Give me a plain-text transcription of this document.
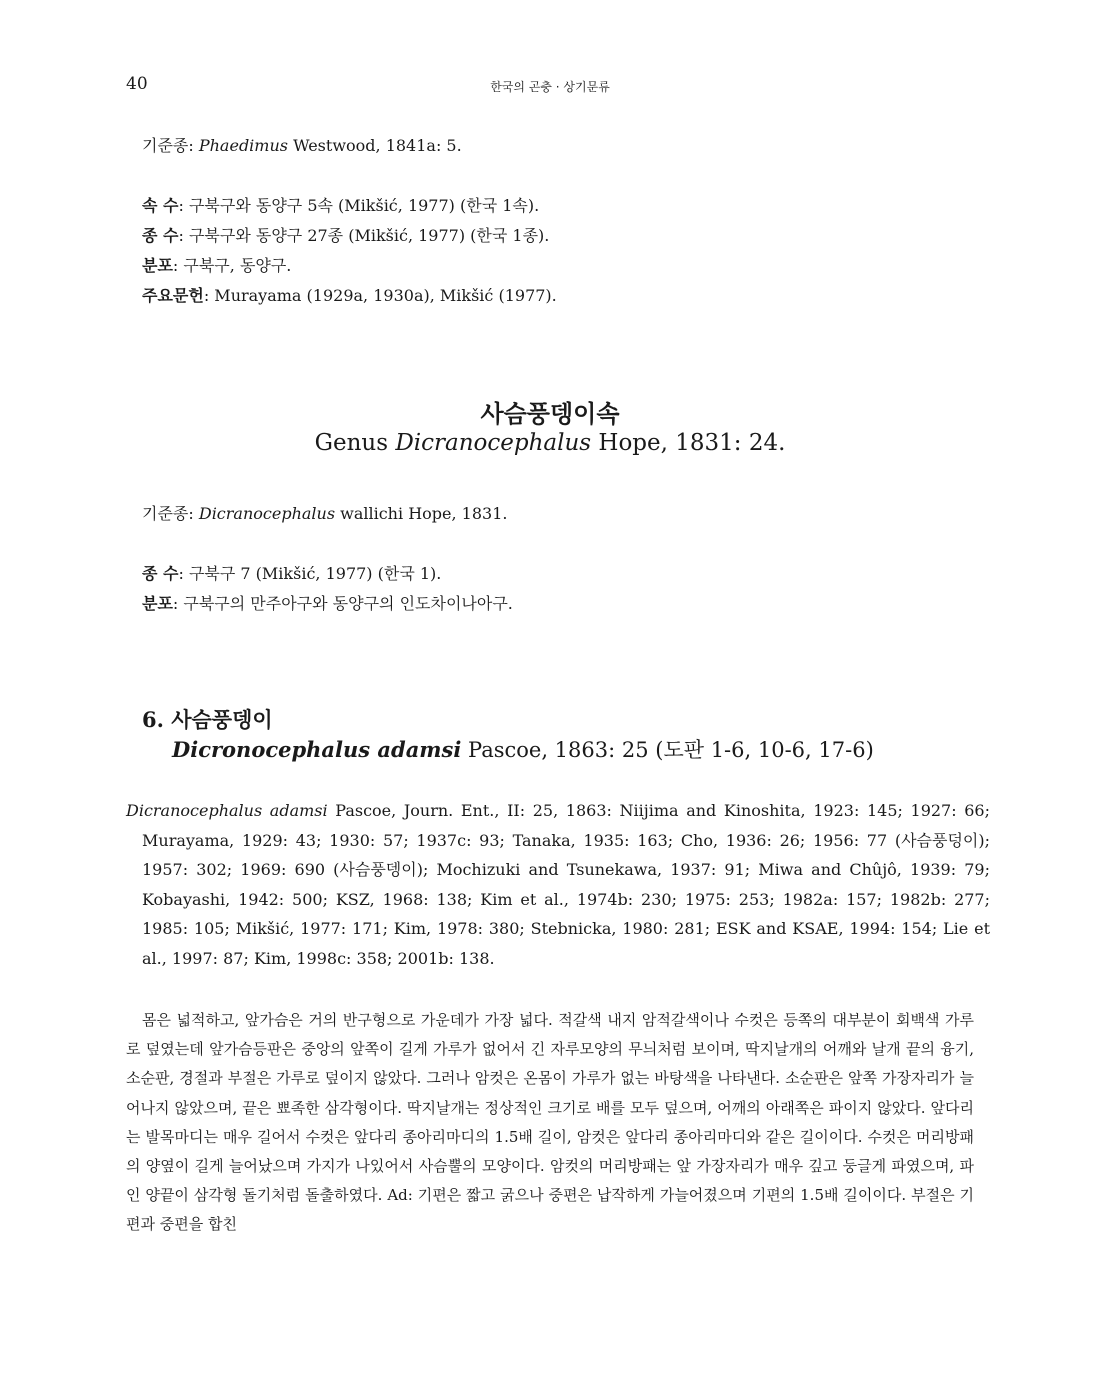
40	한국의 곤충 · 상기문류
기준종: Phaedimus Westwood, 1841a: 5.
속 수: 구북구와 동양구 5속 (Mikšić, 1977) (한국 1속).
종 수: 구북구와 동양구 27종 (Mikšić, 1977) (한국 1종).
분포: 구북구, 동양구.
주요문헌: Murayama (1929a, 1930a), Mikšić (1977).
사슴풍뎅이속
Genus Dicranocephalus Hope, 1831: 24.
기준종: Dicranocephalus wallichi Hope, 1831.
종 수: 구북구 7 (Mikšić, 1977) (한국 1).
분포: 구북구의 만주아구와 동양구의 인도차이나아구.
6. 사슴풍뎅이
Dicronocephalus adamsi Pascoe, 1863: 25 (도판 1-6, 10-6, 17-6)
Dicranocephalus adamsi Pascoe, Journ. Ent., II: 25, 1863: Niijima and Kinoshita, 1923: 145; 1927: 66; Murayama, 1929: 43; 1930: 57; 1937c: 93; Tanaka, 1935: 163; Cho, 1936: 26; 1956: 77 (사슴풍덩이); 1957: 302; 1969: 690 (사슴풍뎅이); Mochizuki and Tsunekawa, 1937: 91; Miwa and Chûjô, 1939: 79; Kobayashi, 1942: 500; KSZ, 1968: 138; Kim et al., 1974b: 230; 1975: 253; 1982a: 157; 1982b: 277; 1985: 105; Mikšić, 1977: 171; Kim, 1978: 380; Stebnicka, 1980: 281; ESK and KSAE, 1994: 154; Lie et al., 1997: 87; Kim, 1998c: 358; 2001b: 138.
몸은 넓적하고, 앞가슴은 거의 반구형으로 가운데가 가장 넓다. 적갈색 내지 암적갈색이나 수컷은 등쪽의 대부분이 회백색 가루로 덮였는데 앞가슴등판은 중앙의 앞쪽이 길게 가루가 없어서 긴 자루모양의 무늬처럼 보이며, 딱지날개의 어깨와 날개 끝의 융기, 소순판, 경절과 부절은 가루로 덮이지 않았다. 그러나 암컷은 온몸이 가루가 없는 바탕색을 나타낸다. 소순판은 앞쪽 가장자리가 늘어나지 않았으며, 끝은 뾰족한 삼각형이다. 딱지날개는 정상적인 크기로 배를 모두 덮으며, 어깨의 아래쪽은 파이지 않았다. 앞다리는 발목마디는 매우 길어서 수컷은 앞다리 종아리마디의 1.5배 길이, 암컷은 앞다리 종아리마디와 같은 길이이다. 수컷은 머리방패의 양옆이 길게 늘어났으며 가지가 나있어서 사슴뿔의 모양이다. 암컷의 머리방패는 앞 가장자리가 매우 깊고 둥글게 파였으며, 파인 양끝이 삼각형 돌기처럼 돌출하였다. Ad: 기편은 짧고 굵으나 중편은 납작하게 가늘어졌으며 기편의 1.5배 길이이다. 부절은 기편과 중편을 합친
